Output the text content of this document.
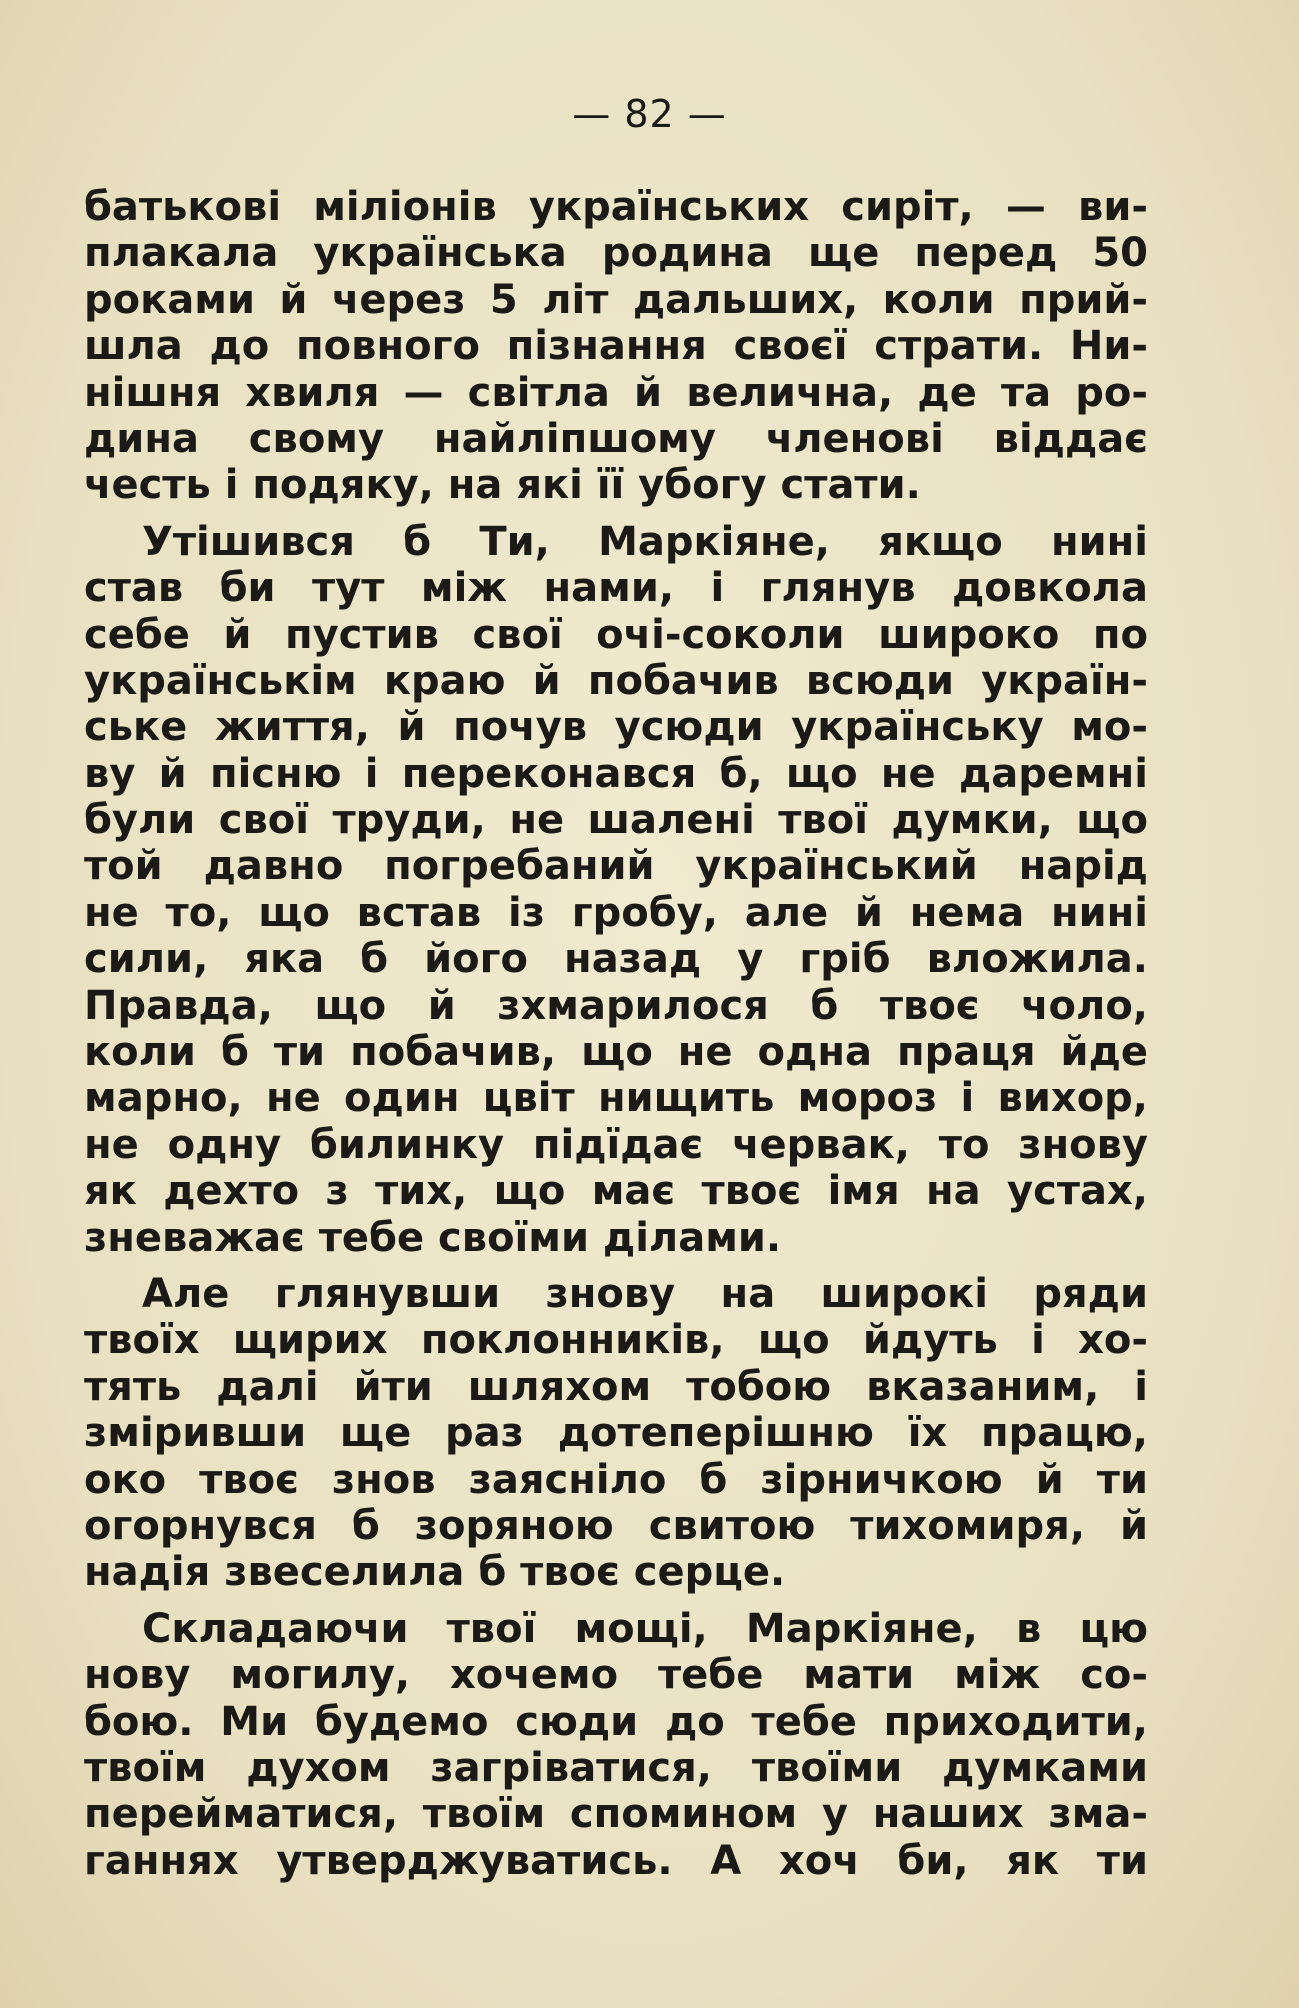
— 82 —
батькові міліонів українських сиріт, — ви-
плакала українська родина ще перед 50
роками й через 5 літ дальших, коли прий-
шла до повного пізнання своєї страти. Ни-
нішня хвиля — світла й велична, де та ро-
дина свому найліпшому членові віддає
честь і подяку, на які її убогу стати.
Утішився б Ти, Маркіяне, якщо нині
став би тут між нами, і глянув довкола
себе й пустив свої очі-соколи широко по
українськім краю й побачив всюди україн-
ське життя, й почув усюди українську мо-
ву й пісню і переконався б, що не даремні
були свої труди, не шалені твої думки, що
той давно погребаний український нарід
не то, що встав із гробу, але й нема нині
сили, яка б його назад у гріб вложила.
Правда, що й зхмарилося б твоє чоло,
коли б ти побачив, що не одна праця йде
марно, не один цвіт нищить мороз і вихор,
не одну билинку підїдає червак, то знову
як дехто з тих, що має твоє імя на устах,
зневажає тебе своїми ділами.
Але глянувши знову на широкі ряди
твоїх щирих поклонників, що йдуть і хо-
тять далі йти шляхом тобою вказаним, і
зміривши ще раз дотеперішню їх працю,
око твоє знов заясніло б зірничкою й ти
огорнувся б зоряною свитою тихомиря, й
надія звеселила б твоє серце.
Складаючи твої мощі, Маркіяне, в цю
нову могилу, хочемо тебе мати між со-
бою. Ми будемо сюди до тебе приходити,
твоїм духом загріватися, твоїми думками
перейматися, твоїм спомином у наших зма-
ганнях утверджуватись. А хоч би, як ти
